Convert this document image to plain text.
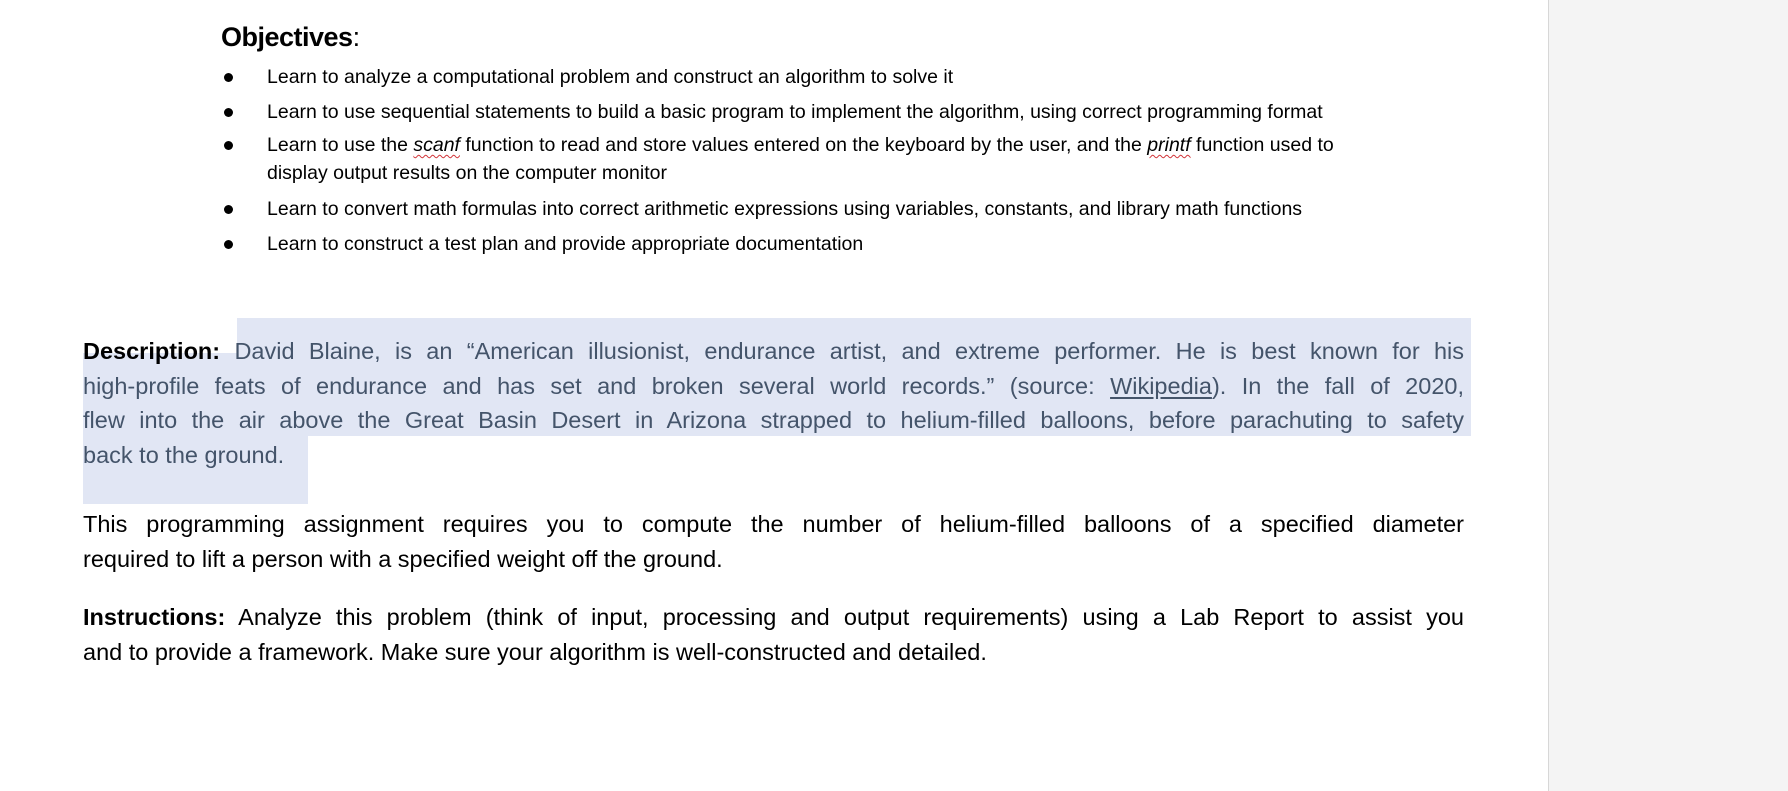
Objectives:
Learn to analyze a computational problem and construct an algorithm to solve it
Learn to use sequential statements to build a basic program to implement the algorithm, using correct programming format
Learn to use the scanf function to read and store values entered on the keyboard by the user, and the printf function used to
display output results on the computer monitor
Learn to convert math formulas into correct arithmetic expressions using variables, constants, and library math functions
Learn to construct a test plan and provide appropriate documentation
Description: David Blaine, is an “American illusionist, endurance artist, and extreme performer. He is best known for his
high-profile feats of endurance and has set and broken several world records.” (source: Wikipedia). In the fall of 2020,
flew into the air above the Great Basin Desert in Arizona strapped to helium-filled balloons, before parachuting to safety
back to the ground.
This programming assignment requires you to compute the number of helium-filled balloons of a specified diameter
required to lift a person with a specified weight off the ground.
Instructions: Analyze this problem (think of input, processing and output requirements) using a Lab Report to assist you
and to provide a framework. Make sure your algorithm is well-constructed and detailed.
